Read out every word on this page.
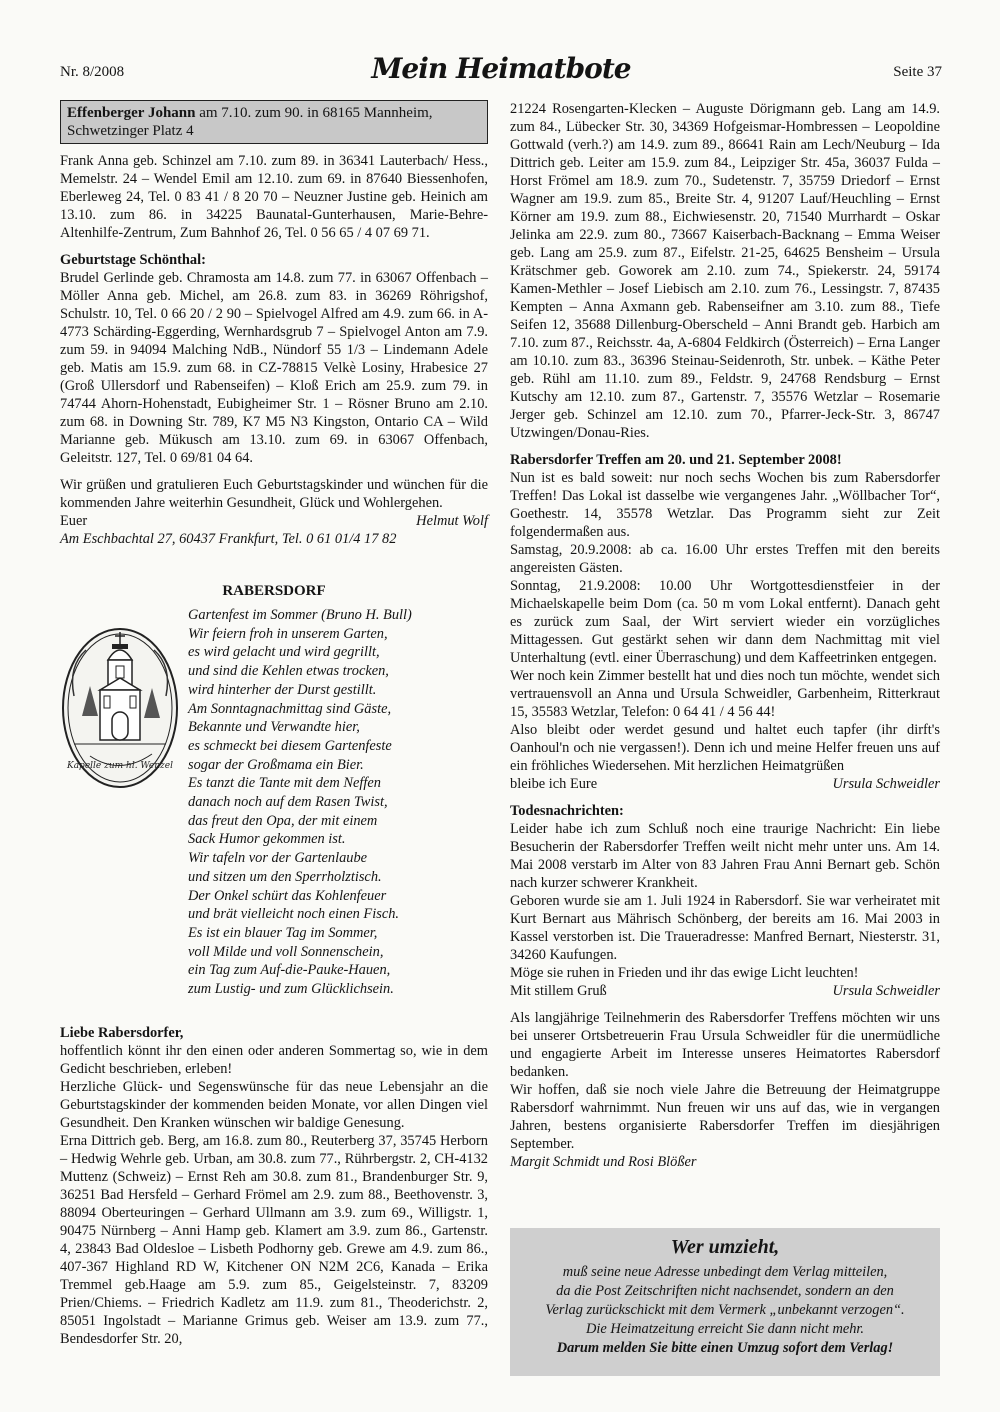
Nr. 8/2008	Mein Heimatbote	Seite 37
Effenberger Johann am 7.10. zum 90. in 68165 Mannheim, Schwetzinger Platz 4

Frank Anna geb. Schinzel am 7.10. zum 89. in 36341 Lauterbach/ Hess., Memelstr. 24 – Wendel Emil am 12.10. zum 69. in 87640 Biessenhofen, Eberleweg 24, Tel. 0 83 41 / 8 20 70 – Neuzner Justine geb. Heinich am 13.10. zum 86. in 34225 Baunatal-Gunterhausen, Marie-Behre-Altenhilfe-Zentrum, Zum Bahnhof 26, Tel. 0 56 65 / 4 07 69 71.

Geburtstage Schönthal:

Brudel Gerlinde geb. Chramosta am 14.8. zum 77. in 63067 Offenbach – Möller Anna geb. Michel, am 26.8. zum 83. in 36269 Röhrigshof, Schulstr. 10, Tel. 0 66 20 / 2 90 – Spielvogel Alfred am 4.9. zum 66. in A-4773 Schärding-Eggerding, Wernhardsgrub 7 – Spielvogel Anton am 7.9. zum 59. in 94094 Malching NdB., Nündorf 55 1/3 – Lindemann Adele geb. Matis am 15.9. zum 68. in CZ-78815 Velkè Losiny, Hrabesice 27 (Groß Ullersdorf und Rabenseifen) – Kloß Erich am 25.9. zum 79. in 74744 Ahorn-Hohenstadt, Eubigheimer Str. 1 – Rösner Bruno am 2.10. zum 68. in Downing Str. 789, K7 M5 N3 Kingston, Ontario CA – Wild Marianne geb. Mükusch am 13.10. zum 69. in 63067 Offenbach, Geleitstr. 127, Tel. 0 69/81 04 64.

Wir grüßen und gratulieren Euch Geburtstagskinder und wünchen für die kommenden Jahre weiterhin Gesundheit, Glück und Wohlergehen.

Euer	Helmut Wolf

Am Eschbachtal 27, 60437 Frankfurt, Tel. 0 61 01/4 17 82

RABERSDORF
Kapelle zum hl. Wenzel
Gartenfest im Sommer (Bruno H. Bull)
Wir feiern froh in unserem Garten,
es wird gelacht und wird gegrillt,
und sind die Kehlen etwas trocken,
wird hinterher der Durst gestillt.
Am Sonntagnachmittag sind Gäste,
Bekannte und Verwandte hier,
es schmeckt bei diesem Gartenfeste
sogar der Großmama ein Bier.
Es tanzt die Tante mit dem Neffen
danach noch auf dem Rasen Twist,
das freut den Opa, der mit einem
Sack Humor gekommen ist.
Wir tafeln vor der Gartenlaube
und sitzen um den Sperrholztisch.
Der Onkel schürt das Kohlenfeuer
und brät vielleicht noch einen Fisch.
Es ist ein blauer Tag im Sommer,
voll Milde und voll Sonnenschein,
ein Tag zum Auf-die-Pauke-Hauen,
zum Lustig- und zum Glücklichsein.

Liebe Rabersdorfer,

hoffentlich könnt ihr den einen oder anderen Sommertag so, wie in dem Gedicht beschrieben, erleben!

Herzliche Glück- und Segenswünsche für das neue Lebensjahr an die Geburtstagskinder der kommenden beiden Monate, vor allen Dingen viel Gesundheit. Den Kranken wünschen wir baldige Genesung.

Erna Dittrich geb. Berg, am 16.8. zum 80., Reuterberg 37, 35745 Herborn – Hedwig Wehrle geb. Urban, am 30.8. zum 77., Rührbergstr. 2, CH-4132 Muttenz (Schweiz) – Ernst Reh am 30.8. zum 81., Brandenburger Str. 9, 36251 Bad Hersfeld – Gerhard Frömel am 2.9. zum 88., Beethovenstr. 3, 88094 Oberteuringen – Gerhard Ullmann am 3.9. zum 69., Willigstr. 1, 90475 Nürnberg – Anni Hamp geb. Klamert am 3.9. zum 86., Gartenstr. 4, 23843 Bad Oldesloe – Lisbeth Podhorny geb. Grewe am 4.9. zum 86., 407-367 Highland RD W, Kitchener ON N2M 2C6, Kanada – Erika Tremmel geb.Haage am 5.9. zum 85., Geigelsteinstr. 7, 83209 Prien/Chiems. – Friedrich Kadletz am 11.9. zum 81., Theoderichstr. 2, 85051 Ingolstadt – Marianne Grimus geb. Weiser am 13.9. zum 77., Bendesdorfer Str. 20,

21224 Rosengarten-Klecken – Auguste Dörigmann geb. Lang am 14.9. zum 84., Lübecker Str. 30, 34369 Hofgeismar-Hombressen – Leopoldine Gottwald (verh.?) am 14.9. zum 89., 86641 Rain am Lech/Neuburg – Ida Dittrich geb. Leiter am 15.9. zum 84., Leipziger Str. 45a, 36037 Fulda – Horst Frömel am 18.9. zum 70., Sudetenstr. 7, 35759 Driedorf – Ernst Wagner am 19.9. zum 85., Breite Str. 4, 91207 Lauf/Heuchling – Ernst Körner am 19.9. zum 88., Eichwiesenstr. 20, 71540 Murrhardt – Oskar Jelinka am 22.9. zum 80., 73667 Kaiserbach-Backnang – Emma Weiser geb. Lang am 25.9. zum 87., Eifelstr. 21-25, 64625 Bensheim – Ursula Krätschmer geb. Goworek am 2.10. zum 74., Spiekerstr. 24, 59174 Kamen-Methler – Josef Liebisch am 2.10. zum 76., Lessingstr. 7, 87435 Kempten – Anna Axmann geb. Rabenseifner am 3.10. zum 88., Tiefe Seifen 12, 35688 Dillenburg-Oberscheld – Anni Brandt geb. Harbich am 7.10. zum 87., Reichsstr. 4a, A-6804 Feldkirch (Österreich) – Erna Langer am 10.10. zum 83., 36396 Steinau-Seidenroth, Str. unbek. – Käthe Peter geb. Rühl am 11.10. zum 89., Feldstr. 9, 24768 Rendsburg – Ernst Kutschy am 12.10. zum 87., Gartenstr. 7, 35576 Wetzlar – Rosemarie Jerger geb. Schinzel am 12.10. zum 70., Pfarrer-Jeck-Str. 3, 86747 Utzwingen/Donau-Ries.

Rabersdorfer Treffen am 20. und 21. September 2008!

Nun ist es bald soweit: nur noch sechs Wochen bis zum Rabersdorfer Treffen! Das Lokal ist dasselbe wie vergangenes Jahr. „Wöllbacher Tor“, Goethestr. 14, 35578 Wetzlar. Das Programm sieht zur Zeit folgendermaßen aus.

Samstag, 20.9.2008: ab ca. 16.00 Uhr erstes Treffen mit den bereits angereisten Gästen.

Sonntag, 21.9.2008: 10.00 Uhr Wortgottesdienstfeier in der Michaelskapelle beim Dom (ca. 50 m vom Lokal entfernt). Danach geht es zurück zum Saal, der Wirt serviert wieder ein vorzügliches Mittagessen. Gut gestärkt sehen wir dann dem Nachmittag mit viel Unterhaltung (evtl. einer Überraschung) und dem Kaffeetrinken entgegen.

Wer noch kein Zimmer bestellt hat und dies noch tun möchte, wendet sich vertrauensvoll an Anna und Ursula Schweidler, Garbenheim, Ritterkraut 15, 35583 Wetzlar, Telefon: 0 64 41 / 4 56 44!

Also bleibt oder werdet gesund und haltet euch tapfer (ihr dirft's Oanhoul'n och nie vergassen!). Denn ich und meine Helfer freuen uns auf ein fröhliches Wiedersehen. Mit herzlichen Heimatgrüßen

bleibe ich Eure	Ursula Schweidler

Todesnachrichten:

Leider habe ich zum Schluß noch eine traurige Nachricht: Ein liebe Besucherin der Rabersdorfer Treffen weilt nicht mehr unter uns. Am 14. Mai 2008 verstarb im Alter von 83 Jahren Frau Anni Bernart geb. Schön nach kurzer schwerer Krankheit.

Geboren wurde sie am 1. Juli 1924 in Rabersdorf. Sie war verheiratet mit Kurt Bernart aus Mährisch Schönberg, der bereits am 16. Mai 2003 in Kassel verstorben ist. Die Traueradresse: Manfred Bernart, Niesterstr. 31, 34260 Kaufungen.

Möge sie ruhen in Frieden und ihr das ewige Licht leuchten!

Mit stillem Gruß	Ursula Schweidler

Als langjährige Teilnehmerin des Rabersdorfer Treffens möchten wir uns bei unserer Ortsbetreuerin Frau Ursula Schweidler für die unermüdliche und engagierte Arbeit im Interesse unseres Heimatortes Rabersdorf bedanken.

Wir hoffen, daß sie noch viele Jahre die Betreuung der Heimatgruppe Rabersdorf wahrnimmt. Nun freuen wir uns auf das, wie in vergangen Jahren, bestens organisierte Rabersdorfer Treffen im diesjährigen September.

Margit Schmidt und Rosi Blößer

Wer umzieht,
muß seine neue Adresse unbedingt dem Verlag mitteilen,
da die Post Zeitschriften nicht nachsendet, sondern an den
Verlag zurückschickt mit dem Vermerk „unbekannt verzogen“.
Die Heimatzeitung erreicht Sie dann nicht mehr.
Darum melden Sie bitte einen Umzug sofort dem Verlag!
